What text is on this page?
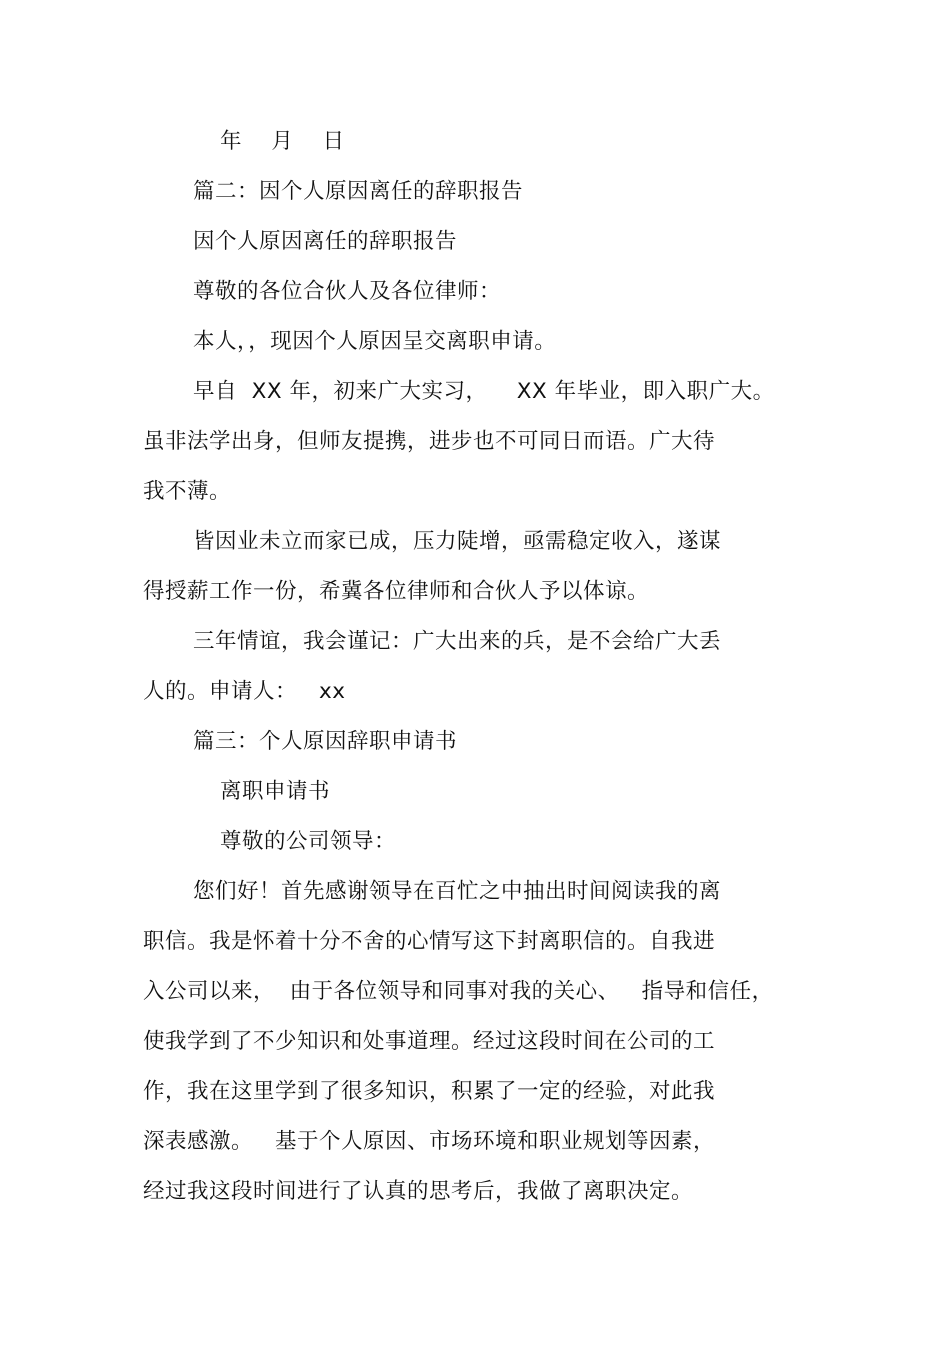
年　 月　 日
篇二：因个人原因离任的辞职报告
因个人原因离任的辞职报告
尊敬的各位合伙人及各位律师：
本人，，现因个人原因呈交离职申请。
早自  XX 年，初来广大实习，    XX 年毕业，即入职广大。
虽非法学出身，但师友提携，进步也不可同日而语。广大待
我不薄。
皆因业未立而家已成，压力陡增，亟需稳定收入，遂谋
得授薪工作一份，希冀各位律师和合伙人予以体谅。
三年情谊，我会谨记：广大出来的兵，是不会给广大丢
人的。申请人：   xx
篇三：个人原因辞职申请书
离职申请书
尊敬的公司领导：
您们好！首先感谢领导在百忙之中抽出时间阅读我的离
职信。我是怀着十分不舍的心情写这下封离职信的。自我进
入公司以来，  由于各位领导和同事对我的关心、   指导和信任，
使我学到了不少知识和处事道理。经过这段时间在公司的工
作，我在这里学到了很多知识，积累了一定的经验，对此我
深表感激。   基于个人原因、市场环境和职业规划等因素，
经过我这段时间进行了认真的思考后，我做了离职决定。
